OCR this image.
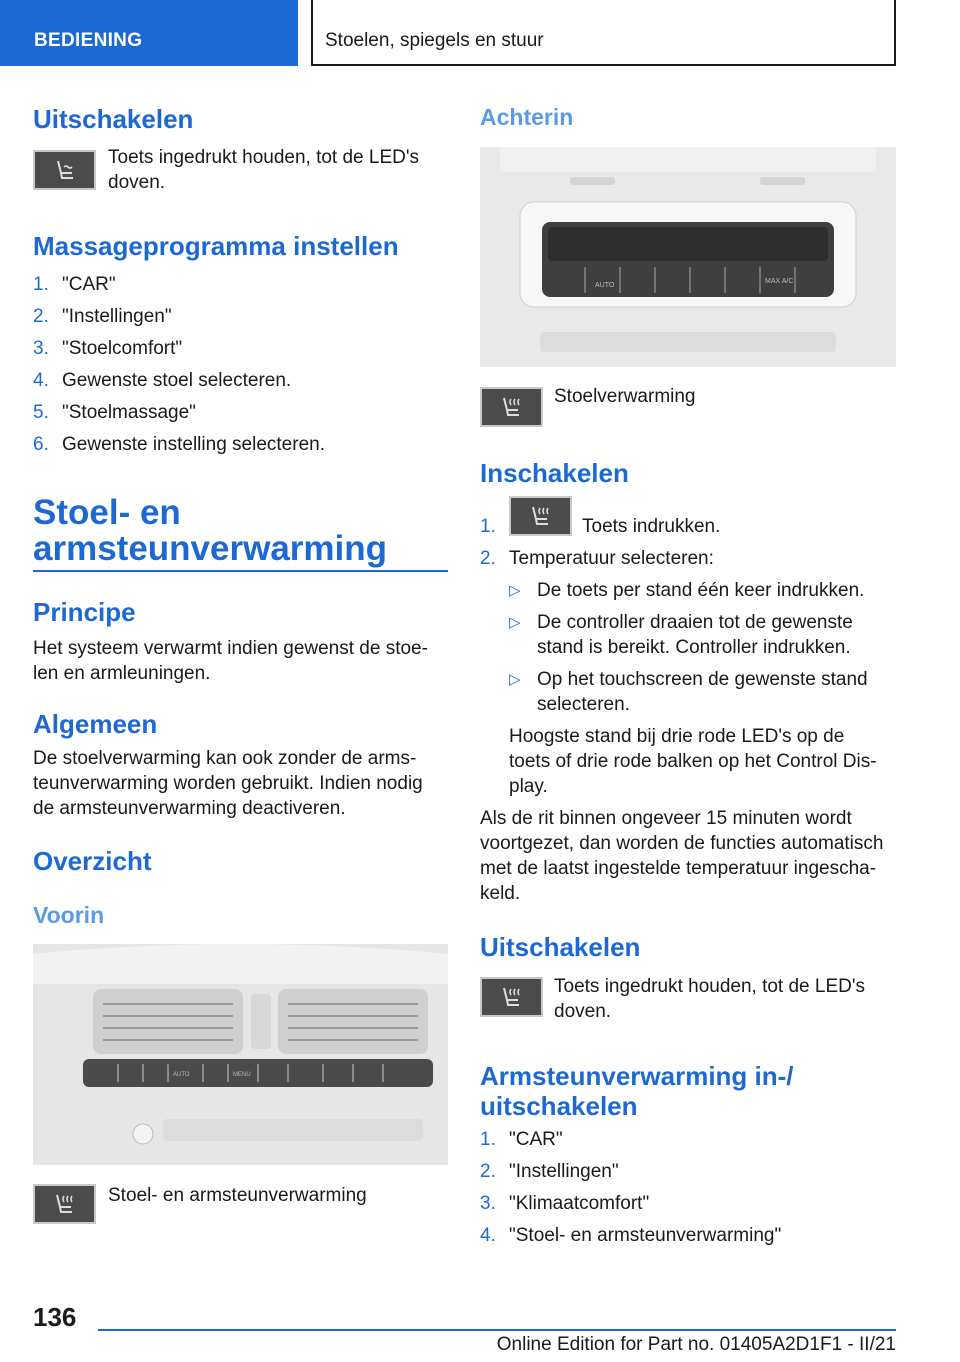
BEDIENING	Stoelen, spiegels en stuur
Uitschakelen
Toets ingedrukt houden, tot de LED's doven.
Massageprogramma instellen
1. "CAR"
2. "Instellingen"
3. "Stoelcomfort"
4. Gewenste stoel selecteren.
5. "Stoelmassage"
6. Gewenste instelling selecteren.
Stoel- en
armsteunverwarming
Principe
Het systeem verwarmt indien gewenst de stoe-len en armleuningen.
Algemeen
De stoelverwarming kan ook zonder de arms-teunverwarming worden gebruikt. Indien nodig de armsteunverwarming deactiveren.
Overzicht
Voorin
AUTO	MENU
Stoel- en armsteunverwarming
Achterin
AUTO
MAX A/C
Stoelverwarming
Inschakelen
1.	Toets indrukken.
2. Temperatuur selecteren:
▷ De toets per stand één keer indrukken.
▷ De controller draaien tot de gewenste stand is bereikt. Controller indrukken.
▷ Op het touchscreen de gewenste stand selecteren.
Hoogste stand bij drie rode LED's op de toets of drie rode balken op het Control Dis-play.
Als de rit binnen ongeveer 15 minuten wordt voortgezet, dan worden de functies automatisch met de laatst ingestelde temperatuur ingescha-keld.
Uitschakelen
Toets ingedrukt houden, tot de LED's doven.
Armsteunverwarming in-/
uitschakelen
1. "CAR"
2. "Instellingen"
3. "Klimaatcomfort"
4. "Stoel- en armsteunverwarming"
136
Online Edition for Part no. 01405A2D1F1 - II/21
